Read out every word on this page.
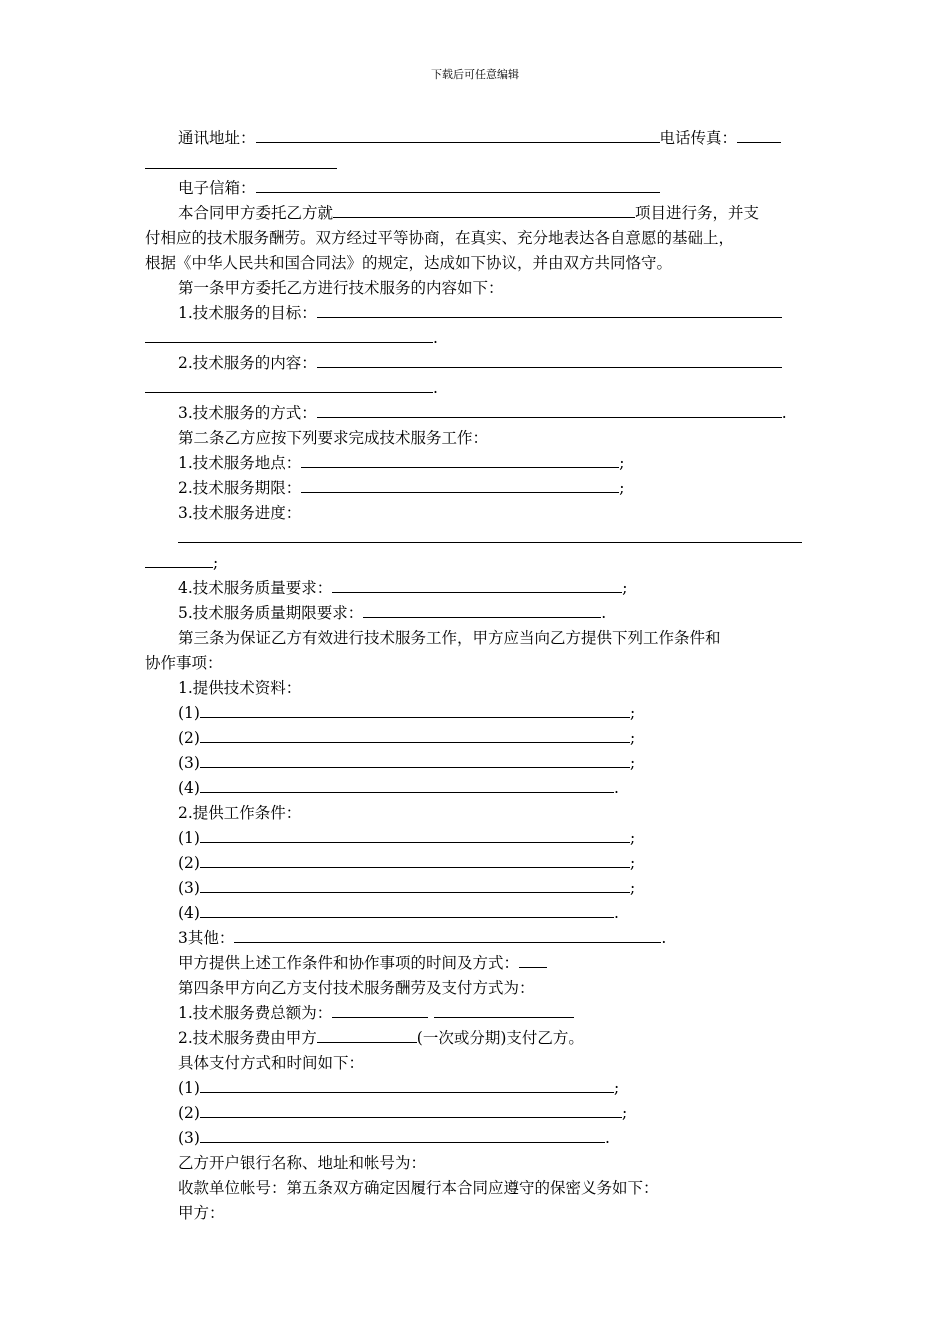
下载后可任意编辑
通讯地址：	电话传真：
电子信箱：
本合同甲方委托乙方就	项目进行务，并支
付相应的技术服务酬劳。双方经过平等协商，在真实、充分地表达各自意愿的基础上，
根据《中华人民共和国合同法》的规定，达成如下协议，并由双方共同恪守。
第一条甲方委托乙方进行技术服务的内容如下：
1.技术服务的目标：
.
2.技术服务的内容：
.
3.技术服务的方式：	.
第二条乙方应按下列要求完成技术服务工作：
1.技术服务地点：	;
2.技术服务期限：	;
3.技术服务进度：
;
4.技术服务质量要求：	;
5.技术服务质量期限要求：	.
第三条为保证乙方有效进行技术服务工作，甲方应当向乙方提供下列工作条件和
协作事项：
1.提供技术资料：
(1)	;
(2)	;
(3)	;
(4)	.
2.提供工作条件：
(1)	;
(2)	;
(3)	;
(4)	.
3其他：	.
甲方提供上述工作条件和协作事项的时间及方式：
第四条甲方向乙方支付技术服务酬劳及支付方式为：
1.技术服务费总额为：
2.技术服务费由甲方	(一次或分期)支付乙方。
具体支付方式和时间如下：
(1)	;
(2)	;
(3)	.
乙方开户银行名称、地址和帐号为：
收款单位帐号：第五条双方确定因履行本合同应遵守的保密义务如下：
甲方：
